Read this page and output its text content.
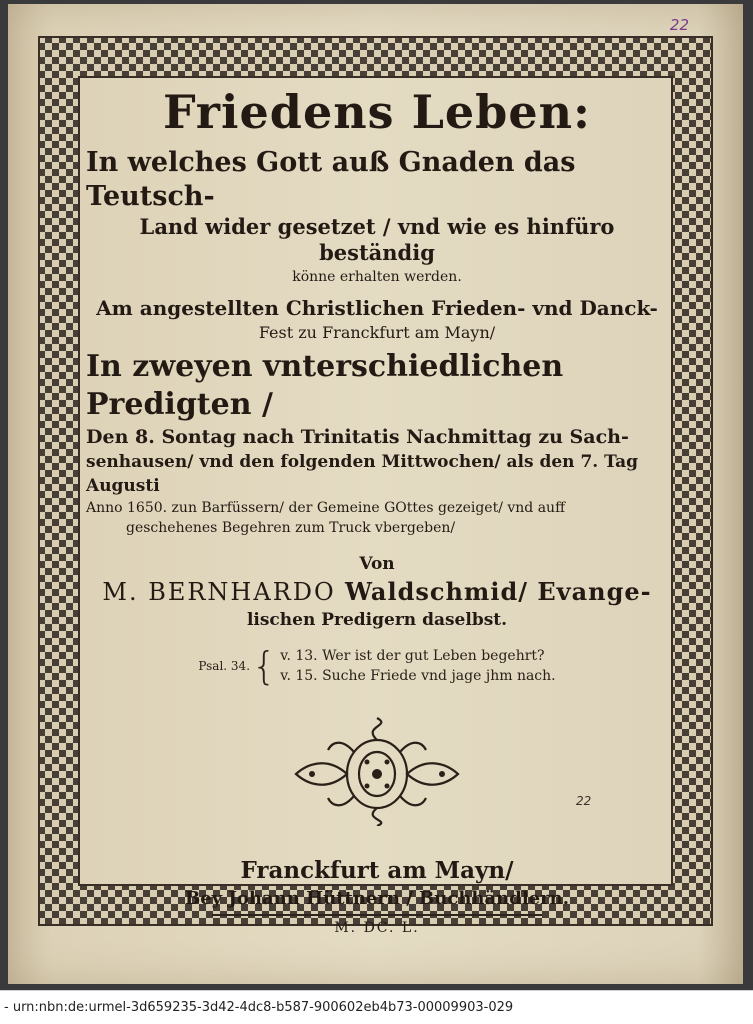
22
Friedens Leben:
In welches Gott auß Gnaden das Teutsch-
Land wider gesetzet / vnd wie es hinfüro beständig
könne erhalten werden.
Am angestellten Christlichen Frieden- vnd Danck-
Fest zu Franckfurt am Mayn/
In zweyen vnterschiedlichen Predigten /
Den 8. Sontag nach Trinitatis Nachmittag zu Sach-
senhausen/ vnd den folgenden Mittwochen/ als den 7. Tag Augusti
Anno 1650. zun Barfüssern/ der Gemeine GOttes gezeiget/ vnd auff
geschehenes Begehren zum Truck vbergeben/
Von
M. BERNHARDO Waldschmid/ Evange-
lischen Predigern daselbst.
Psal. 34. { v. 13. Wer ist der gut Leben begehrt?
v. 15. Suche Friede vnd jage jhm nach.
Franckfurt am Mayn/
Bey Johann Hüttnern / Buchhändlern.
M. DC. L.
22
- urn:nbn:de:urmel-3d659235-3d42-4dc8-b587-900602eb4b73-00009903-029
